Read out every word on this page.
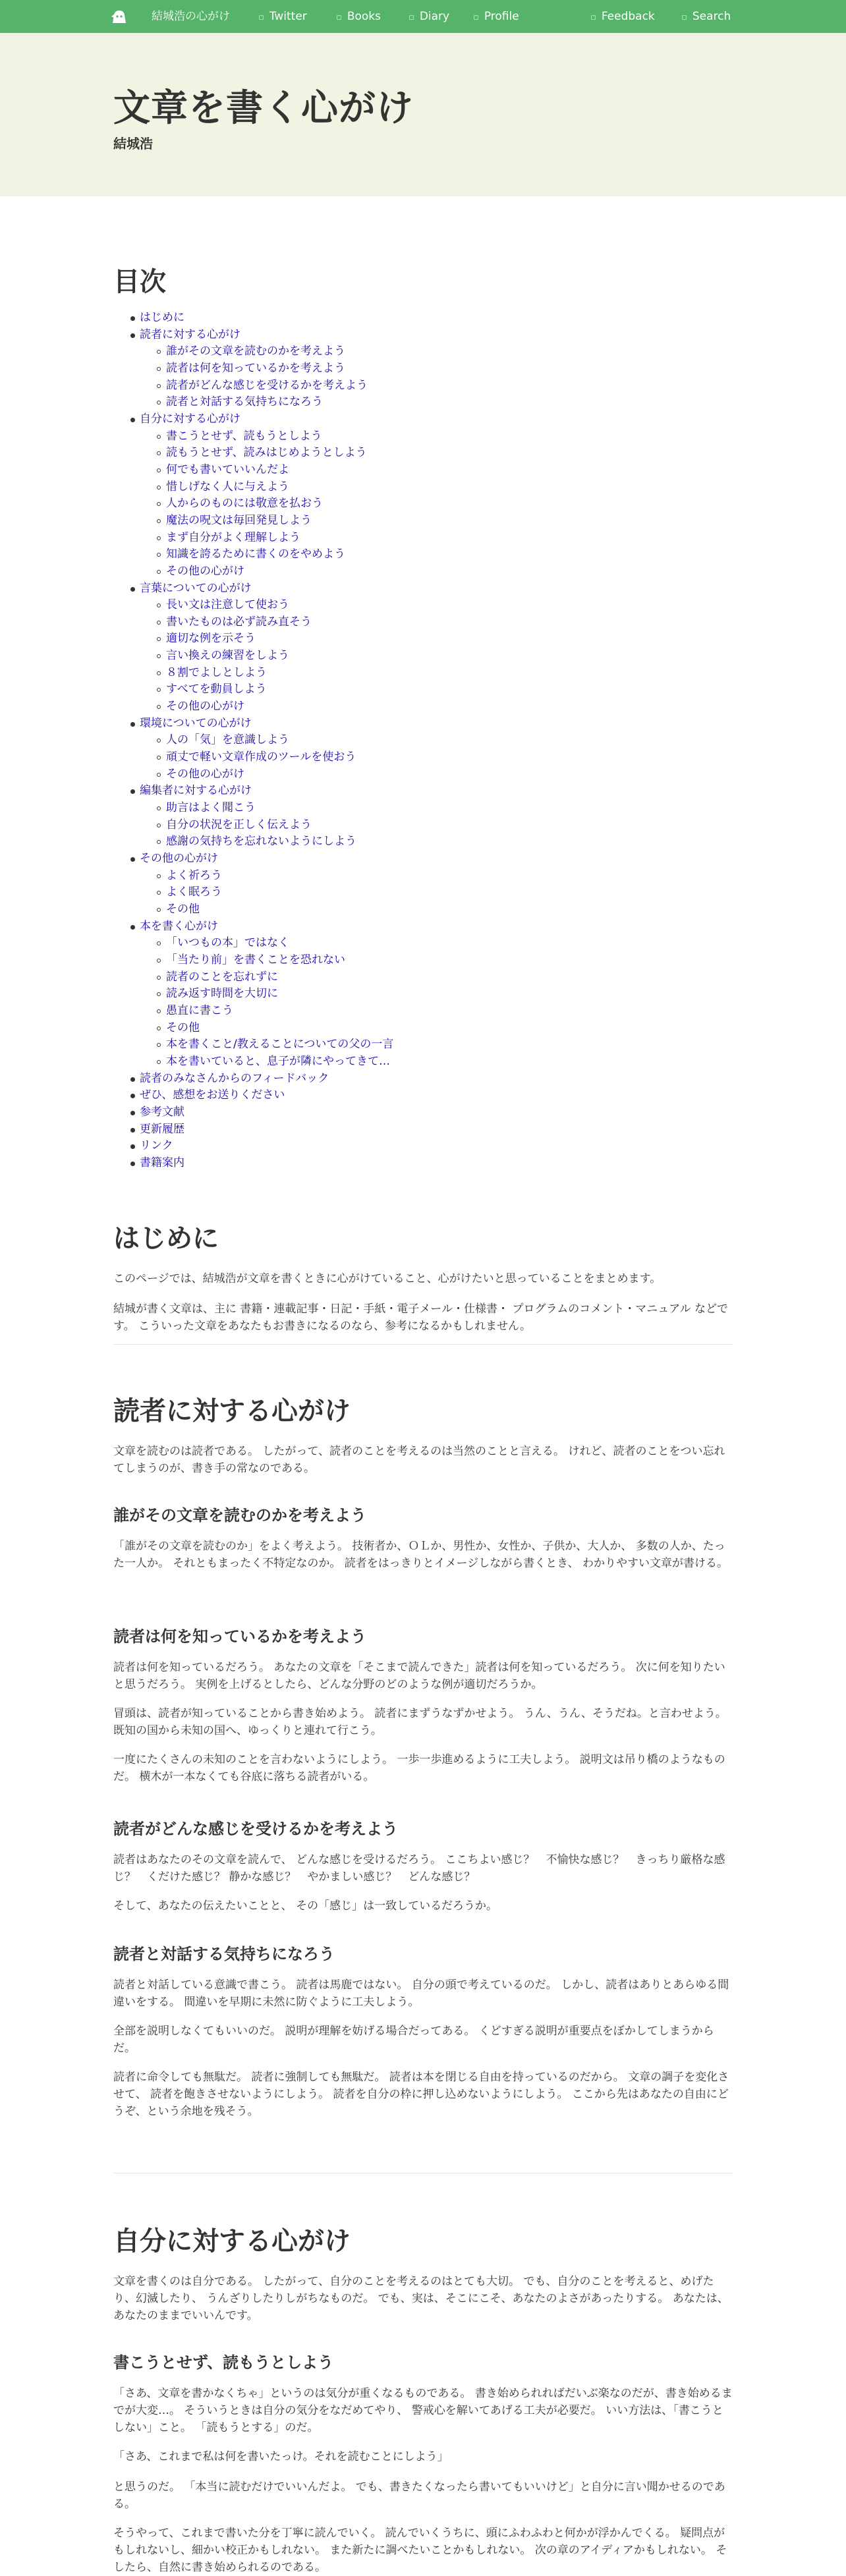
結城浩の心がけ	▫ Twitter	▫ Books	▫ Diary	▫ Profile	▫ Feedback	▫ Search
文章を書く心がけ
結城浩
目次
はじめに
読者に対する心がけ
誰がその文章を読むのかを考えよう
読者は何を知っているかを考えよう
読者がどんな感じを受けるかを考えよう
読者と対話する気持ちになろう
自分に対する心がけ
書こうとせず、読もうとしよう
読もうとせず、読みはじめようとしよう
何でも書いていいんだよ
惜しげなく人に与えよう
人からのものには敬意を払おう
魔法の呪文は毎回発見しよう
まず自分がよく理解しよう
知識を誇るために書くのをやめよう
その他の心がけ
言葉についての心がけ
長い文は注意して使おう
書いたものは必ず読み直そう
適切な例を示そう
言い換えの練習をしよう
８割でよしとしよう
すべてを動員しよう
その他の心がけ
環境についての心がけ
人の「気」を意識しよう
頑丈で軽い文章作成のツールを使おう
その他の心がけ
編集者に対する心がけ
助言はよく聞こう
自分の状況を正しく伝えよう
感謝の気持ちを忘れないようにしよう
その他の心がけ
よく祈ろう
よく眠ろう
その他
本を書く心がけ
「いつもの本」ではなく
「当たり前」を書くことを恐れない
読者のことを忘れずに
読み返す時間を大切に
愚直に書こう
その他
本を書くこと/教えることについての父の一言
本を書いていると、息子が隣にやってきて…
読者のみなさんからのフィードバック
ぜひ、感想をお送りください
参考文献
更新履歴
リンク
書籍案内
はじめに

このページでは、結城浩が文章を書くときに心がけていること、心がけたいと思っていることをまとめます。

結城が書く文章は、主に 書籍・連載記事・日記・手紙・電子メール・仕様書・ プログラムのコメント・マニュアル などです。 こういった文章をあなたもお書きになるのなら、参考になるかもしれません。

読者に対する心がけ

文章を読むのは読者である。 したがって、読者のことを考えるのは当然のことと言える。 けれど、読者のことをつい忘れてしまうのが、書き手の常なのである。

誰がその文章を読むのかを考えよう

「誰がその文章を読むのか」をよく考えよう。 技術者か、ＯＬか、男性か、女性か、子供か、大人か、 多数の人か、たった一人か。 それともまったく不特定なのか。 読者をはっきりとイメージしながら書くとき、 わかりやすい文章が書ける。

読者は何を知っているかを考えよう

読者は何を知っているだろう。 あなたの文章を「そこまで読んできた」読者は何を知っているだろう。 次に何を知りたいと思うだろう。 実例を上げるとしたら、どんな分野のどのような例が適切だろうか。

冒頭は、読者が知っていることから書き始めよう。 読者にまずうなずかせよう。 うん、うん、そうだね。と言わせよう。 既知の国から未知の国へ、ゆっくりと連れて行こう。

一度にたくさんの未知のことを言わないようにしよう。 一歩一歩進めるように工夫しよう。 説明文は吊り橋のようなものだ。 横木が一本なくても谷底に落ちる読者がいる。

読者がどんな感じを受けるかを考えよう

読者はあなたのその文章を読んで、 どんな感じを受けるだろう。 ここちよい感じ？　不愉快な感じ？　きっちり厳格な感じ？　くだけた感じ？ 静かな感じ？　やかましい感じ？　どんな感じ？

そして、あなたの伝えたいことと、 その「感じ」は一致しているだろうか。

読者と対話する気持ちになろう

読者と対話している意識で書こう。 読者は馬鹿ではない。 自分の頭で考えているのだ。 しかし、読者はありとあらゆる間違いをする。 間違いを早期に未然に防ぐように工夫しよう。

全部を説明しなくてもいいのだ。 説明が理解を妨げる場合だってある。 くどすぎる説明が重要点をぼかしてしまうからだ。

読者に命令しても無駄だ。 読者に強制しても無駄だ。 読者は本を閉じる自由を持っているのだから。 文章の調子を変化させて、 読者を飽きさせないようにしよう。 読者を自分の枠に押し込めないようにしよう。 ここから先はあなたの自由にどうぞ、という余地を残そう。

自分に対する心がけ

文章を書くのは自分である。 したがって、自分のことを考えるのはとても大切。 でも、自分のことを考えると、めげたり、幻滅したり、 うんざりしたりしがちなものだ。 でも、実は、そこにこそ、あなたのよさがあったりする。 あなたは、あなたのままでいいんです。

書こうとせず、読もうとしよう

「さあ、文章を書かなくちゃ」というのは気分が重くなるものである。 書き始められればだいぶ楽なのだが、書き始めるまでが大変…。 そういうときは自分の気分をなだめてやり、 警戒心を解いてあげる工夫が必要だ。 いい方法は、「書こうとしない」こと。 「読もうとする」のだ。

「さあ、これまで私は何を書いたっけ。それを読むことにしよう」

と思うのだ。 「本当に読むだけでいいんだよ。 でも、書きたくなったら書いてもいいけど」と自分に言い聞かせるのである。

そうやって、これまで書いた分を丁寧に読んでいく。 読んでいくうちに、頭にふわふわと何かが浮かんでくる。 疑問点がもしれないし、細かい校正かもしれない。 また新たに調べたいことかもしれない。 次の章のアイディアかもしれない。 そしたら、自然に書き始められるのである。
